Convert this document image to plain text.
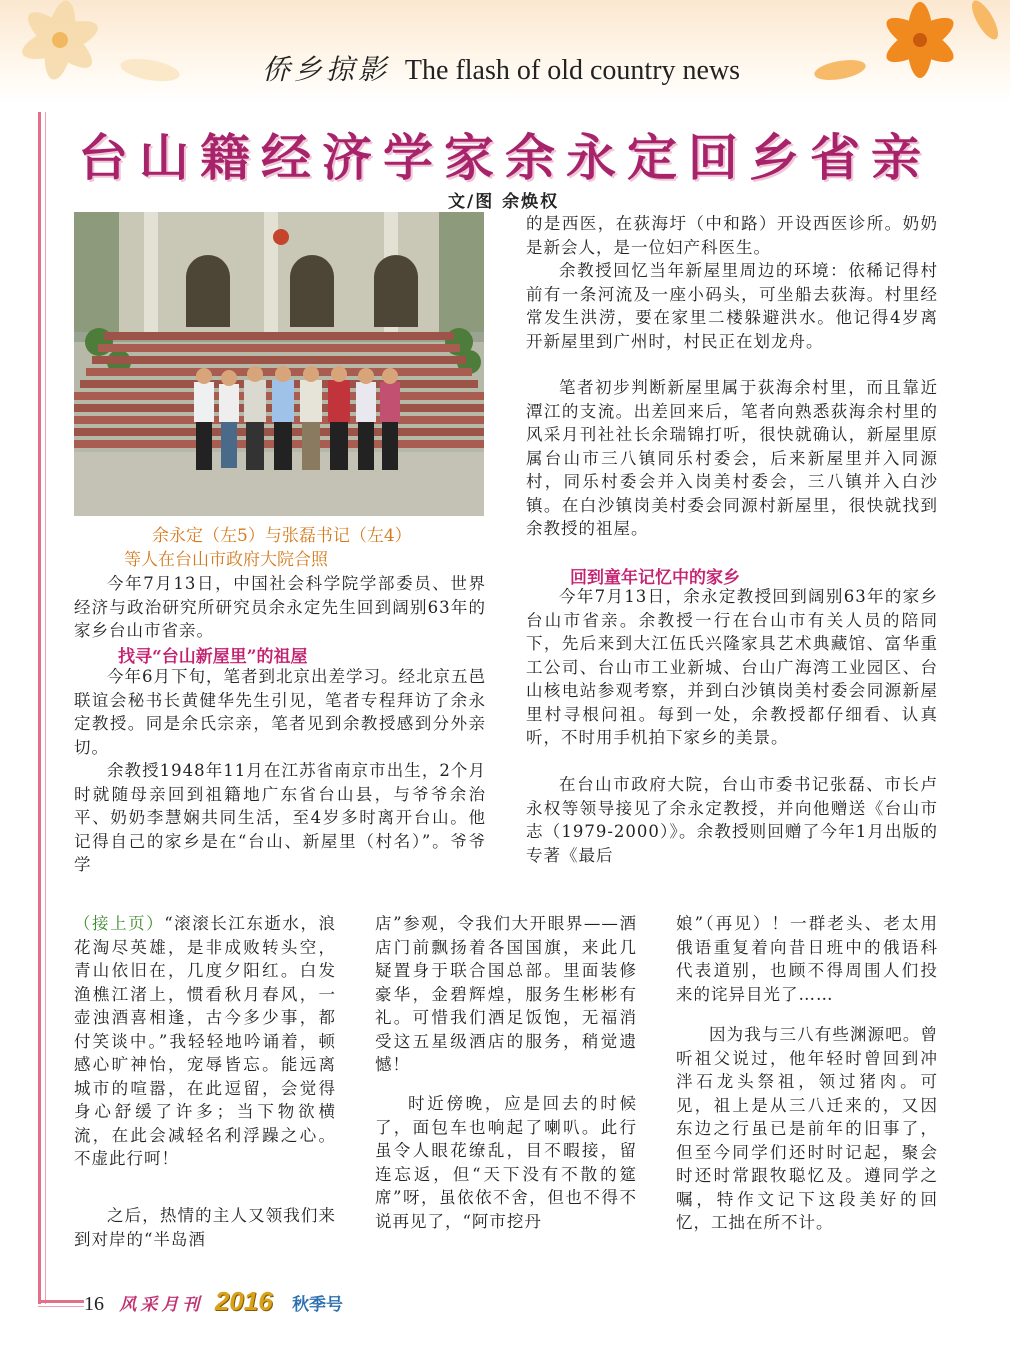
侨乡掠影 The flash of old country news
台山籍经济学家余永定回乡省亲
文/图 余焕权
余永定（左5）与张磊书记（左4）
等人在台山市政府大院合照
今年7月13日，中国社会科学院学部委员、世界经济与政治研究所研究员余永定先生回到阔别63年的家乡台山市省亲。
找寻“台山新屋里”的祖屋
今年6月下旬，笔者到北京出差学习。经北京五邑联谊会秘书长黄健华先生引见，笔者专程拜访了余永定教授。同是余氏宗亲，笔者见到余教授感到分外亲切。
余教授1948年11月在江苏省南京市出生，2个月时就随母亲回到祖籍地广东省台山县，与爷爷余治平、奶奶李慧娴共同生活，至4岁多时离开台山。他记得自己的家乡是在“台山、新屋里（村名）”。爷爷学
的是西医，在荻海圩（中和路）开设西医诊所。奶奶是新会人，是一位妇产科医生。
余教授回忆当年新屋里周边的环境：依稀记得村前有一条河流及一座小码头，可坐船去荻海。村里经常发生洪涝，要在家里二楼躲避洪水。他记得4岁离开新屋里到广州时，村民正在划龙舟。
笔者初步判断新屋里属于荻海余村里，而且靠近潭江的支流。出差回来后，笔者向熟悉荻海余村里的风采月刊社社长余瑞锦打听，很快就确认，新屋里原属台山市三八镇同乐村委会，后来新屋里并入同源村，同乐村委会并入岗美村委会，三八镇并入白沙镇。在白沙镇岗美村委会同源村新屋里，很快就找到余教授的祖屋。
回到童年记忆中的家乡
今年7月13日，余永定教授回到阔别63年的家乡台山市省亲。余教授一行在台山市有关人员的陪同下，先后来到大江伍氏兴隆家具艺术典藏馆、富华重工公司、台山市工业新城、台山广海湾工业园区、台山核电站参观考察，并到白沙镇岗美村委会同源新屋里村寻根问祖。每到一处，余教授都仔细看、认真听，不时用手机拍下家乡的美景。
在台山市政府大院，台山市委书记张磊、市长卢永权等领导接见了余永定教授，并向他赠送《台山市志（1979-2000）》。余教授则回赠了今年1月出版的专著《最后
（接上页）“滚滚长江东逝水，浪花淘尽英雄，是非成败转头空，青山依旧在，几度夕阳红。白发渔樵江渚上，惯看秋月春风，一壶浊酒喜相逢，古今多少事，都付笑谈中。”我轻轻地吟诵着，顿感心旷神怡，宠辱皆忘。能远离城市的喧嚣，在此逗留，会觉得身心舒缓了许多；当下物欲横流，在此会减轻名利浮躁之心。不虚此行呵！
之后，热情的主人又领我们来到对岸的“半岛酒
店”参观，令我们大开眼界——酒店门前飘扬着各国国旗，来此几疑置身于联合国总部。里面装修豪华，金碧辉煌，服务生彬彬有礼。可惜我们酒足饭饱，无福消受这五星级酒店的服务，稍觉遗憾！
时近傍晚，应是回去的时候了，面包车也响起了喇叭。此行虽令人眼花缭乱，目不暇接，留连忘返，但“天下没有不散的筵席”呀，虽依依不舍，但也不得不说再见了，“阿市挖丹
娘”（再见）！一群老头、老太用俄语重复着向昔日班中的俄语科代表道别，也顾不得周围人们投来的诧异目光了……
因为我与三八有些渊源吧。曾听祖父说过，他年轻时曾回到冲泮石龙头祭祖，领过猪肉。可见，祖上是从三八迁来的，又因东边之行虽已是前年的旧事了，但至今同学们还时时记起，聚会时还时常跟牧聪忆及。遵同学之嘱，特作文记下这段美好的回忆，工拙在所不计。
16 风采月刊 2016 秋季号
